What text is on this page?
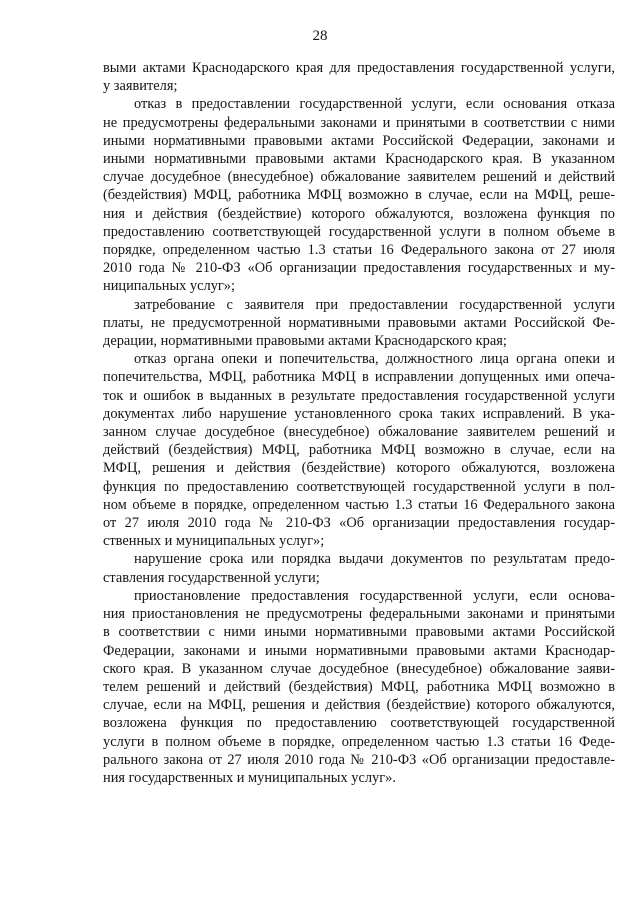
28
выми актами Краснодарского края для предоставления государственной услуги,
у заявителя;
отказ в предоставлении государственной услуги, если основания отказа
не предусмотрены федеральными законами и принятыми в соответствии с ними
иными нормативными правовыми актами Российской Федерации, законами и
иными нормативными правовыми актами Краснодарского края. В указанном
случае досудебное (внесудебное) обжалование заявителем решений и действий
(бездействия) МФЦ, работника МФЦ возможно в случае, если на МФЦ, реше-
ния и действия (бездействие) которого обжалуются, возложена функция по
предоставлению соответствующей государственной услуги в полном объеме в
порядке, определенном частью 1.3 статьи 16 Федерального закона от 27 июля
2010 года № 210-ФЗ «Об организации предоставления государственных и му-
ниципальных услуг»;
затребование с заявителя при предоставлении государственной услуги
платы, не предусмотренной нормативными правовыми актами Российской Фе-
дерации, нормативными правовыми актами Краснодарского края;
отказ органа опеки и попечительства, должностного лица органа опеки и
попечительства, МФЦ, работника МФЦ в исправлении допущенных ими опеча-
ток и ошибок в выданных в результате предоставления государственной услуги
документах либо нарушение установленного срока таких исправлений. В ука-
занном случае досудебное (внесудебное) обжалование заявителем решений и
действий (бездействия) МФЦ, работника МФЦ возможно в случае, если на
МФЦ, решения и действия (бездействие) которого обжалуются, возложена
функция по предоставлению соответствующей государственной услуги в пол-
ном объеме в порядке, определенном частью 1.3 статьи 16 Федерального закона
от 27 июля 2010 года № 210-ФЗ «Об организации предоставления государ-
ственных и муниципальных услуг»;
нарушение срока или порядка выдачи документов по результатам предо-
ставления государственной услуги;
приостановление предоставления государственной услуги, если основа-
ния приостановления не предусмотрены федеральными законами и принятыми
в соответствии с ними иными нормативными правовыми актами Российской
Федерации, законами и иными нормативными правовыми актами Краснодар-
ского края. В указанном случае досудебное (внесудебное) обжалование заяви-
телем решений и действий (бездействия) МФЦ, работника МФЦ возможно в
случае, если на МФЦ, решения и действия (бездействие) которого обжалуются,
возложена функция по предоставлению соответствующей государственной
услуги в полном объеме в порядке, определенном частью 1.3 статьи 16 Феде-
рального закона от 27 июля 2010 года № 210-ФЗ «Об организации предоставле-
ния государственных и муниципальных услуг».
